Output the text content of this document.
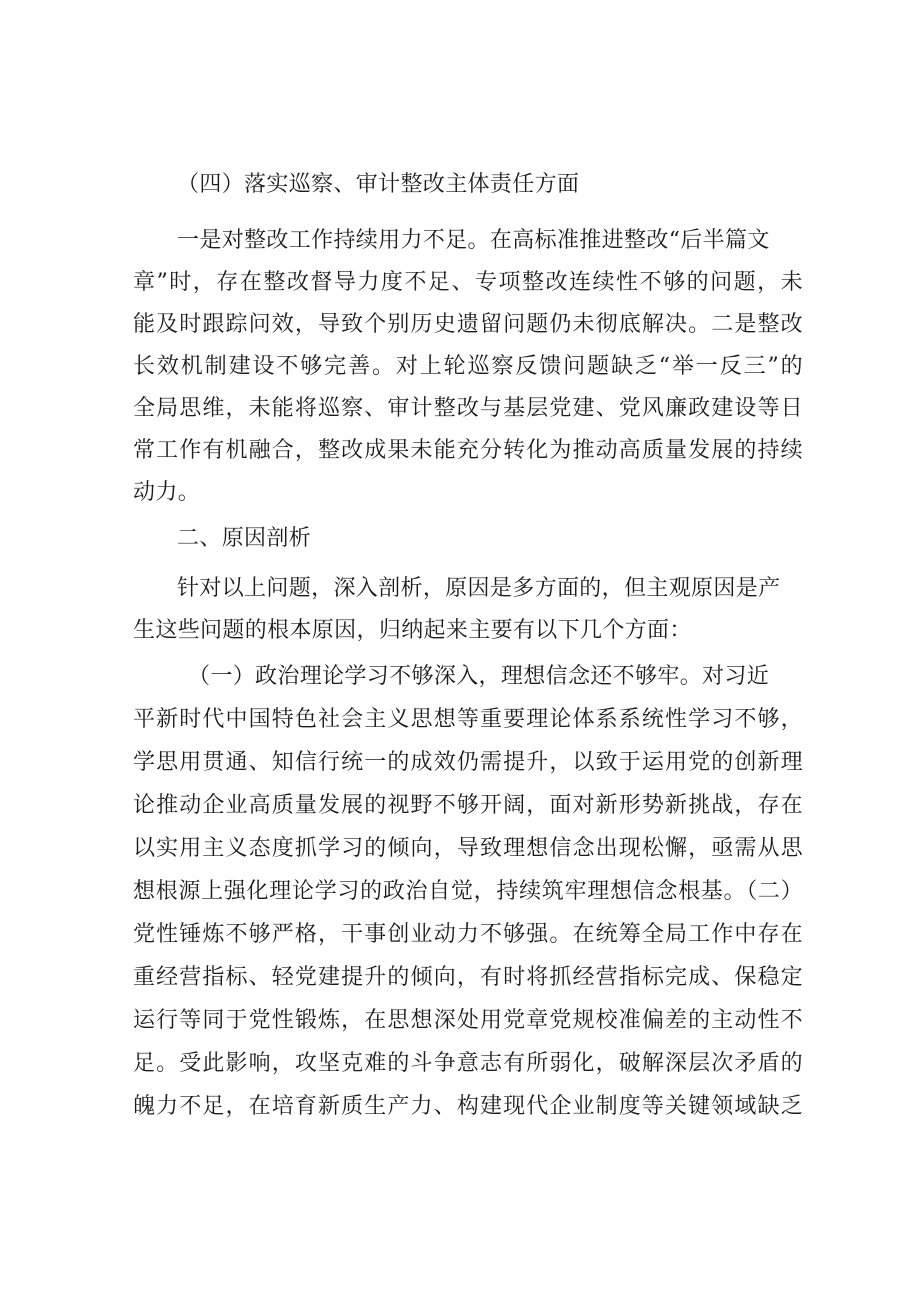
（四）落实巡察、审计整改主体责任方面
一是对整改工作持续用力不足。在高标准推进整改“后半篇文
章”时，存在整改督导力度不足、专项整改连续性不够的问题，未
能及时跟踪问效，导致个别历史遗留问题仍未彻底解决。二是整改
长效机制建设不够完善。对上轮巡察反馈问题缺乏“举一反三”的
全局思维，未能将巡察、审计整改与基层党建、党风廉政建设等日
常工作有机融合，整改成果未能充分转化为推动高质量发展的持续
动力。
二、原因剖析
针对以上问题，深入剖析，原因是多方面的，但主观原因是产
生这些问题的根本原因，归纳起来主要有以下几个方面：
（一）政治理论学习不够深入，理想信念还不够牢。对习近
平新时代中国特色社会主义思想等重要理论体系系统性学习不够，
学思用贯通、知信行统一的成效仍需提升，以致于运用党的创新理
论推动企业高质量发展的视野不够开阔，面对新形势新挑战，存在
以实用主义态度抓学习的倾向，导致理想信念出现松懈，亟需从思
想根源上强化理论学习的政治自觉，持续筑牢理想信念根基。（二）
党性锤炼不够严格，干事创业动力不够强。在统筹全局工作中存在
重经营指标、轻党建提升的倾向，有时将抓经营指标完成、保稳定
运行等同于党性锻炼，在思想深处用党章党规校准偏差的主动性不
足。受此影响，攻坚克难的斗争意志有所弱化，破解深层次矛盾的
魄力不足，在培育新质生产力、构建现代企业制度等关键领域缺乏
